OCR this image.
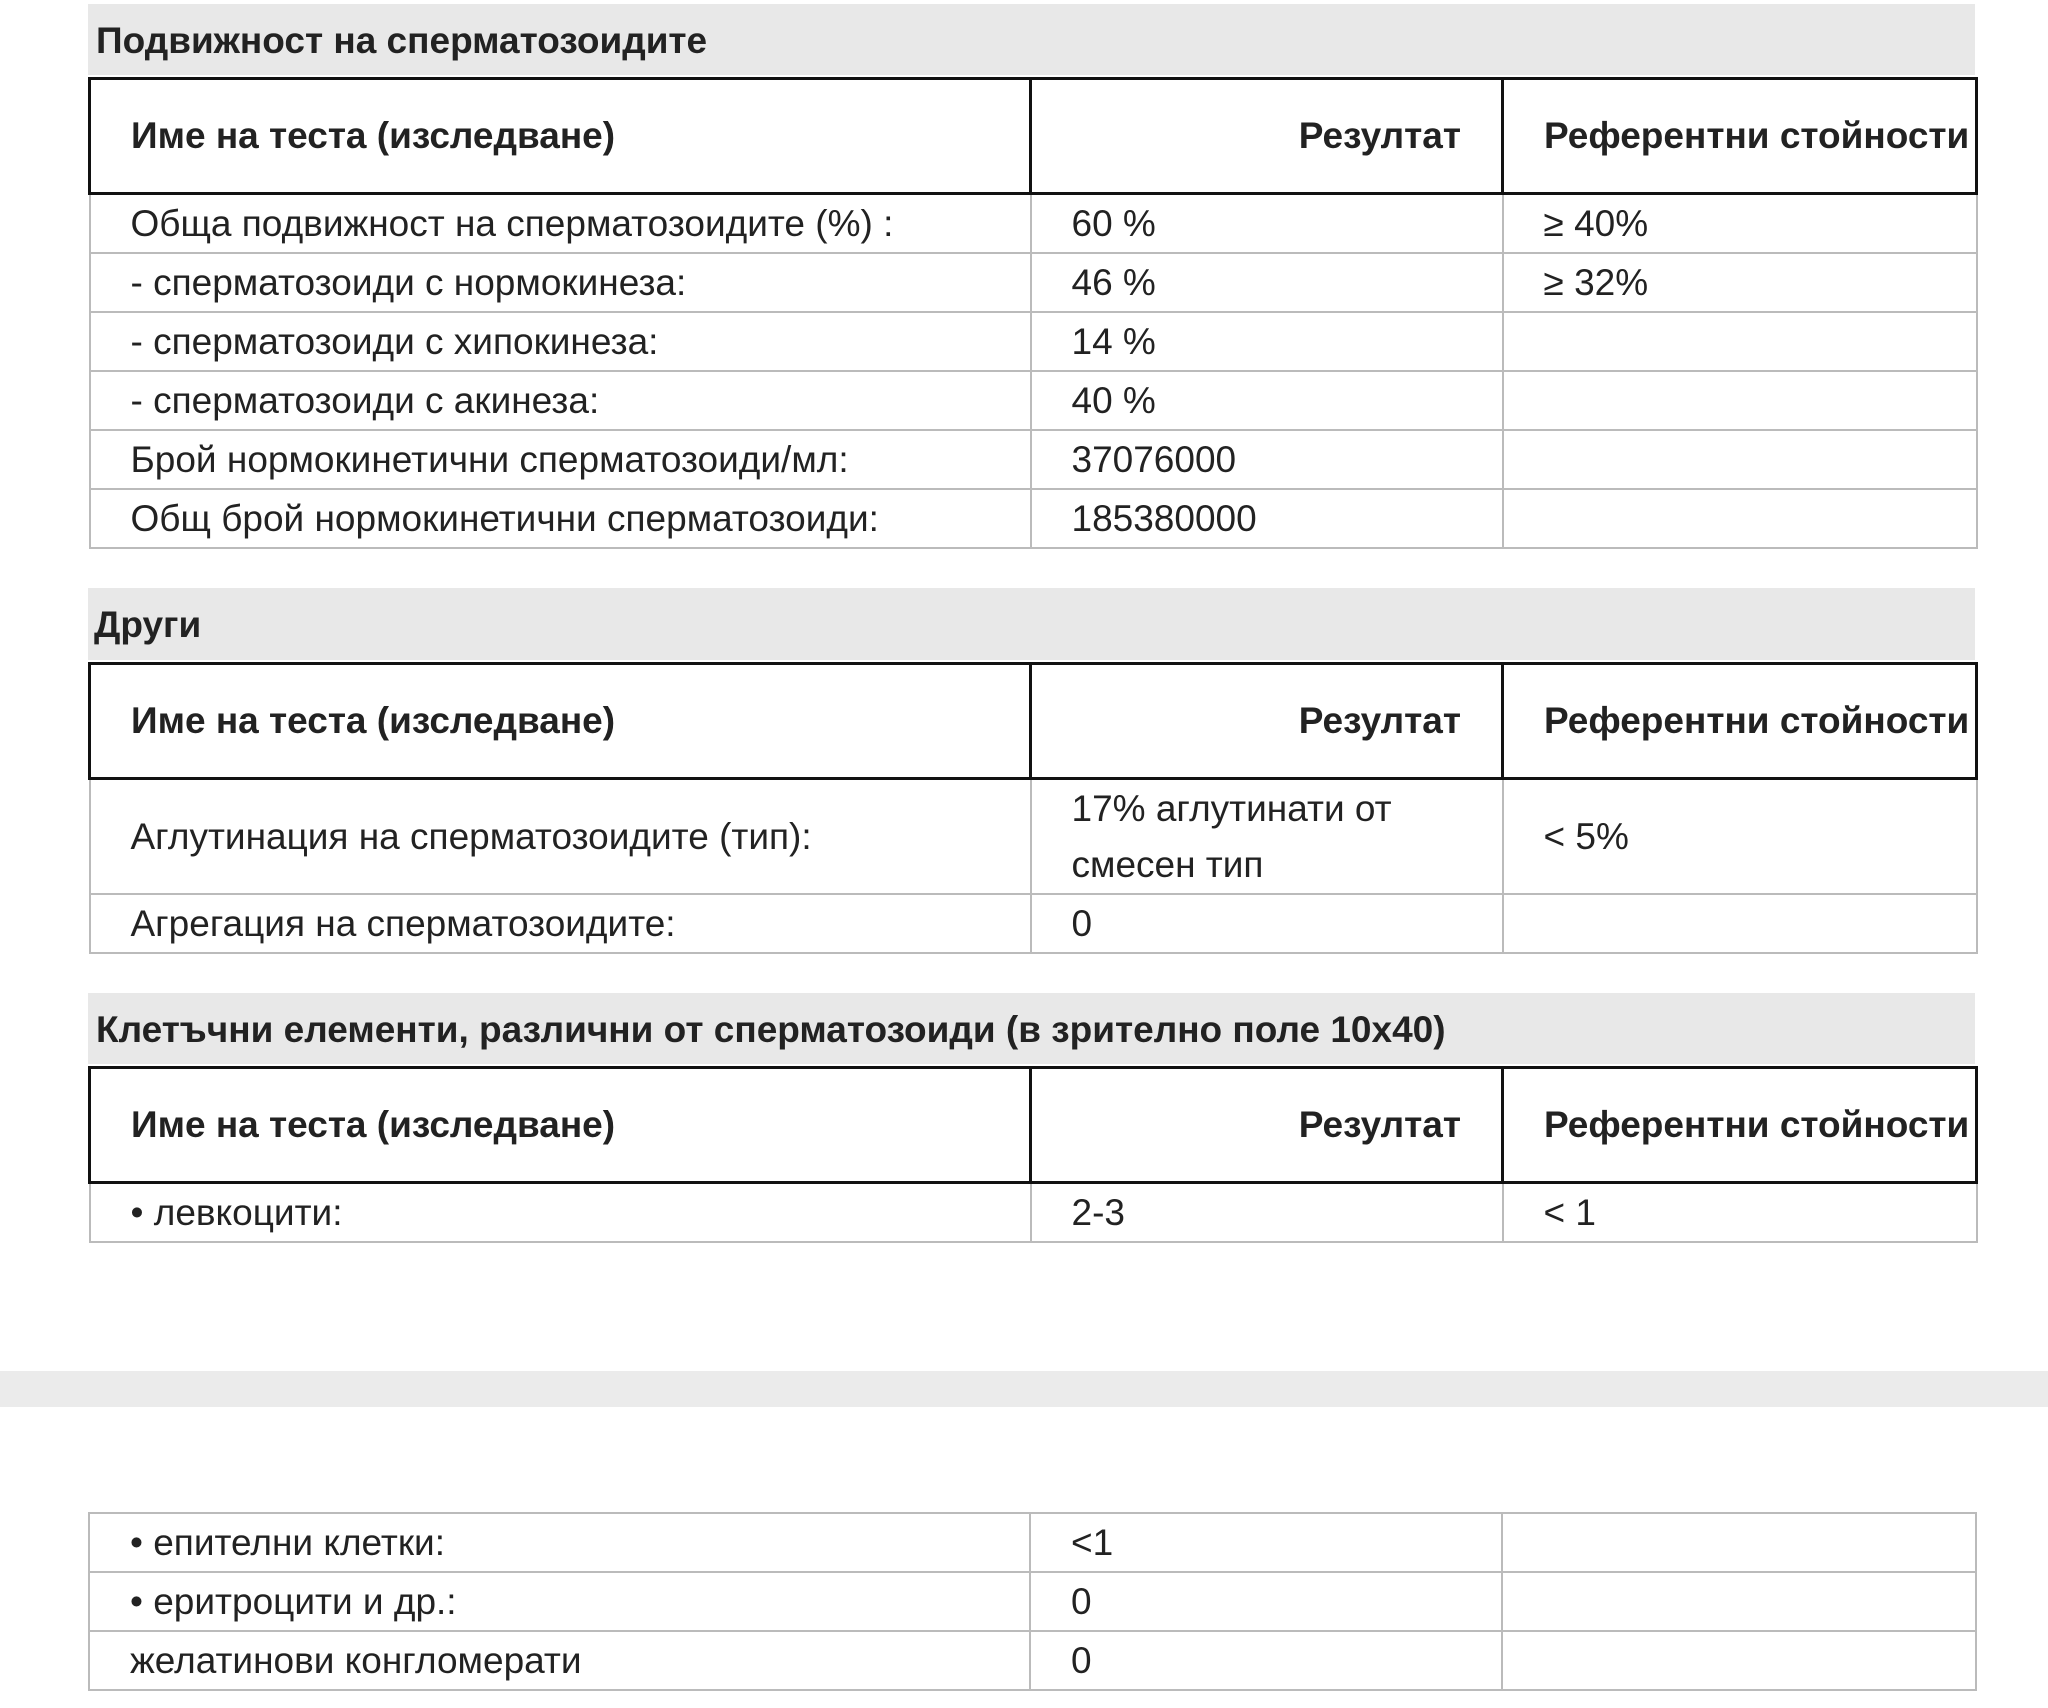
Подвижност на сперматозоидите
Име на теста (изследване)	Резултат	Референтни стойности
Обща подвижност на сперматозоидите (%) :	60 %	≥ 40%
- сперматозоиди с нормокинеза:	46 %	≥ 32%
- сперматозоиди с хипокинеза:	14 %	
- сперматозоиди с акинеза:	40 %	
Брой нормокинетични сперматозоиди/мл:	37076000	
Общ брой нормокинетични сперматозоиди:	185380000	
Други
Име на теста (изследване)	Резултат	Референтни стойности
Аглутинация на сперматозоидите (тип):	17% аглутинати от смесен тип	< 5%
Агрегация на сперматозоидите:	0	
Клетъчни елементи, различни от сперматозоиди (в зрително поле 10х40)
Име на теста (изследване)	Резултат	Референтни стойности
• левкоцити:	2-3	< 1
• епителни клетки:	<1	
• еритроцити и др.:	0	
желатинови конгломерати	0	
